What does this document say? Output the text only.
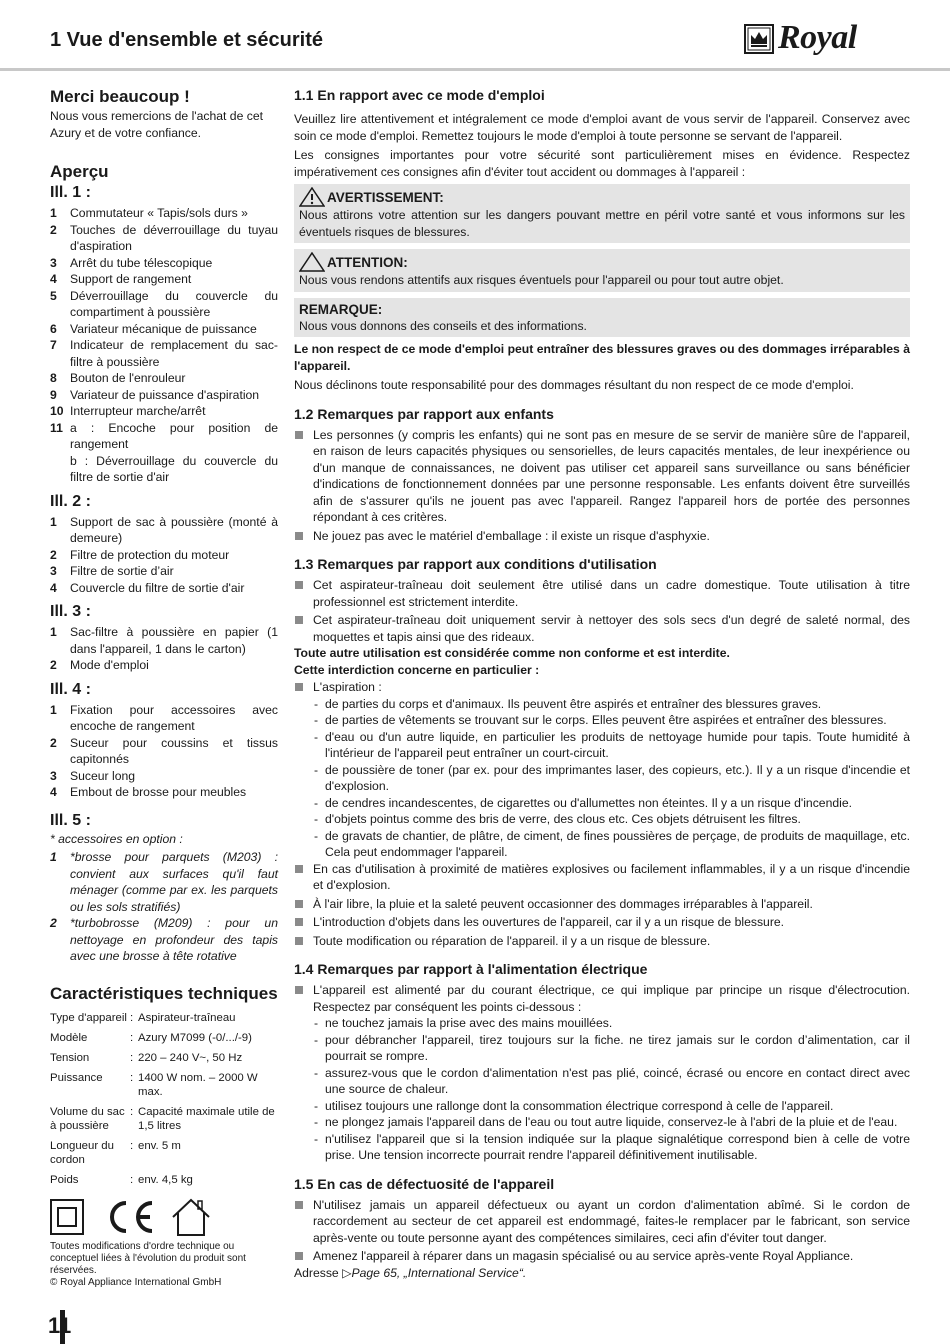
1 Vue d'ensemble et sécurité	Royal
Merci beaucoup !

Nous vous remercions de l'achat de cet Azury et de votre confiance.

Aperçu
Ill. 1 :
1	Commutateur « Tapis/sols durs »
2	Touches de déverrouillage du tuyau d'aspiration
3	Arrêt du tube télescopique
4	Support de rangement
5	Déverrouillage du couvercle du compartiment à poussière
6	Variateur mécanique de puissance
7	Indicateur de remplacement du sac-filtre à poussière
8	Bouton de l'enrouleur
9	Variateur de puissance d'aspiration
10 Interrupteur marche/arrêt
11 a : Encoche pour position de rangement
b : Déverrouillage du couvercle du filtre de sortie d'air
Ill. 2 :
1	Support de sac à poussière (monté à demeure)
2	Filtre de protection du moteur
3	Filtre de sortie d’air
4	Couvercle du filtre de sortie d'air
Ill. 3 :
1	Sac-filtre à poussière en papier (1 dans l'appareil, 1 dans le carton)
2	Mode d'emploi
Ill. 4 :
1	Fixation pour accessoires avec encoche de rangement
2	Suceur pour coussins et tissus capitonnés
3	Suceur long
4	Embout de brosse pour meubles
Ill. 5 :

* accessoires en option :

1	*brosse pour parquets (M203) : convient aux surfaces qu'il faut ménager (comme par ex. les parquets ou les sols stratifiés)
2	*turbobrosse (M209) : pour un nettoyage en profondeur des tapis avec une brosse à tête rotative
Caractéristiques techniques
Type d'appareil	:	Aspirateur-traîneau
Modèle	:	Azury M7099 (-0/.../-9)
Tension	:	220 – 240 V~, 50 Hz
Puissance	:	1400 W nom. – 2000 W max.
Volume du sac à poussière	:	Capacité maximale utile de 1,5 litres
Longueur du cordon	:	env. 5 m
Poids	:	env. 4,5 kg

Toutes modifications d'ordre technique ou conceptuel liées à l'évolution du produit sont réservées.

© Royal Appliance International GmbH

11
1.1 En rapport avec ce mode d'emploi

Veuillez lire attentivement et intégralement ce mode d'emploi avant de vous servir de l'appareil. Conservez avec soin ce mode d'emploi. Remettez toujours le mode d'emploi à toute personne se servant de l'appareil.

Les consignes importantes pour votre sécurité sont particulièrement mises en évidence. Respectez impérativement ces consignes afin d'éviter tout accident ou dommages à l'appareil :

AVERTISSEMENT:

Nous attirons votre attention sur les dangers pouvant mettre en péril votre santé et vous informons sur les éventuels risques de blessures.

ATTENTION:

Nous vous rendons attentifs aux risques éventuels pour l'appareil ou pour tout autre objet.

REMARQUE:

Nous vous donnons des conseils et des informations.

Le non respect de ce mode d'emploi peut entraîner des blessures graves ou des dommages irréparables à l'appareil.

Nous déclinons toute responsabilité pour des dommages résultant du non respect de ce mode d'emploi.

1.2 Remarques par rapport aux enfants
Les personnes (y compris les enfants) qui ne sont pas en mesure de se servir de manière sûre de l'appareil, en raison de leurs capacités physiques ou sensorielles, de leurs capacités mentales, de leur inexpérience ou d'un manque de connaissances, ne doivent pas utiliser cet appareil sans surveillance ou sans bénéficier d'indications de fonctionnement données par une personne responsable. Les enfants doivent être surveillés afin de s'assurer qu'ils ne jouent pas avec l'appareil. Rangez l'appareil hors de portée des personnes répondant à ces critères.
Ne jouez pas avec le matériel d'emballage : il existe un risque d'asphyxie.
1.3 Remarques par rapport aux conditions d'utilisation
Cet aspirateur-traîneau doit seulement être utilisé dans un cadre domestique. Toute utilisation à titre professionnel est strictement interdite.
Cet aspirateur-traîneau doit uniquement servir à nettoyer des sols secs d'un degré de saleté normal, des moquettes et tapis ainsi que des rideaux.

Toute autre utilisation est considérée comme non conforme et est interdite.

Cette interdiction concerne en particulier :

L'aspiration :
- de parties du corps et d'animaux. Ils peuvent être aspirés et entraîner des blessures graves.
- de parties de vêtements se trouvant sur le corps. Elles peuvent être aspirées et entraîner des blessures.
- d'eau ou d'un autre liquide, en particulier les produits de nettoyage humide pour tapis. Toute humidité à l'intérieur de l'appareil peut entraîner un court-circuit.
- de poussière de toner (par ex. pour des imprimantes laser, des copieurs, etc.). Il y a un risque d'incendie et d'explosion.
- de cendres incandescentes, de cigarettes ou d'allumettes non éteintes. Il y a un risque d'incendie.
- d'objets pointus comme des bris de verre, des clous etc. Ces objets détruisent les filtres.
- de gravats de chantier, de plâtre, de ciment, de fines poussières de perçage, de produits de maquillage, etc. Cela peut endommager l'appareil.
En cas d'utilisation à proximité de matières explosives ou facilement inflammables, il y a un risque d'incendie et d'explosion.
À l'air libre, la pluie et la saleté peuvent occasionner des dommages irréparables à l'appareil.
L'introduction d'objets dans les ouvertures de l'appareil, car il y a un risque de blessure.
Toute modification ou réparation de l'appareil. il y a un risque de blessure.
1.4 Remarques par rapport à l'alimentation électrique
L'appareil est alimenté par du courant électrique, ce qui implique par principe un risque d'électrocution. Respectez par conséquent les points ci-dessous :
- ne touchez jamais la prise avec des mains mouillées.
- pour débrancher l'appareil, tirez toujours sur la fiche. ne tirez jamais sur le cordon d’alimentation, car il pourrait se rompre.
- assurez-vous que le cordon d'alimentation n'est pas plié, coincé, écrasé ou encore en contact direct avec une source de chaleur.
- utilisez toujours une rallonge dont la consommation électrique correspond à celle de l'appareil.
- ne plongez jamais l'appareil dans de l'eau ou tout autre liquide, conservez-le à l'abri de la pluie et de l'eau.
- n'utilisez l'appareil que si la tension indiquée sur la plaque signalétique correspond bien à celle de votre prise. Une tension incorrecte pourrait rendre l'appareil définitivement inutilisable.
1.5 En cas de défectuosité de l'appareil
N'utilisez jamais un appareil défectueux ou ayant un cordon d'alimentation abîmé. Si le cordon de raccordement au secteur de cet appareil est endommagé, faites-le remplacer par le fabricant, son service après-vente ou toute personne ayant des compétences similaires, ceci afin d'éviter tout danger.
Amenez l'appareil à réparer dans un magasin spécialisé ou au service après-vente Royal Appliance.

Adresse ▷Page 65, „International Service“.
